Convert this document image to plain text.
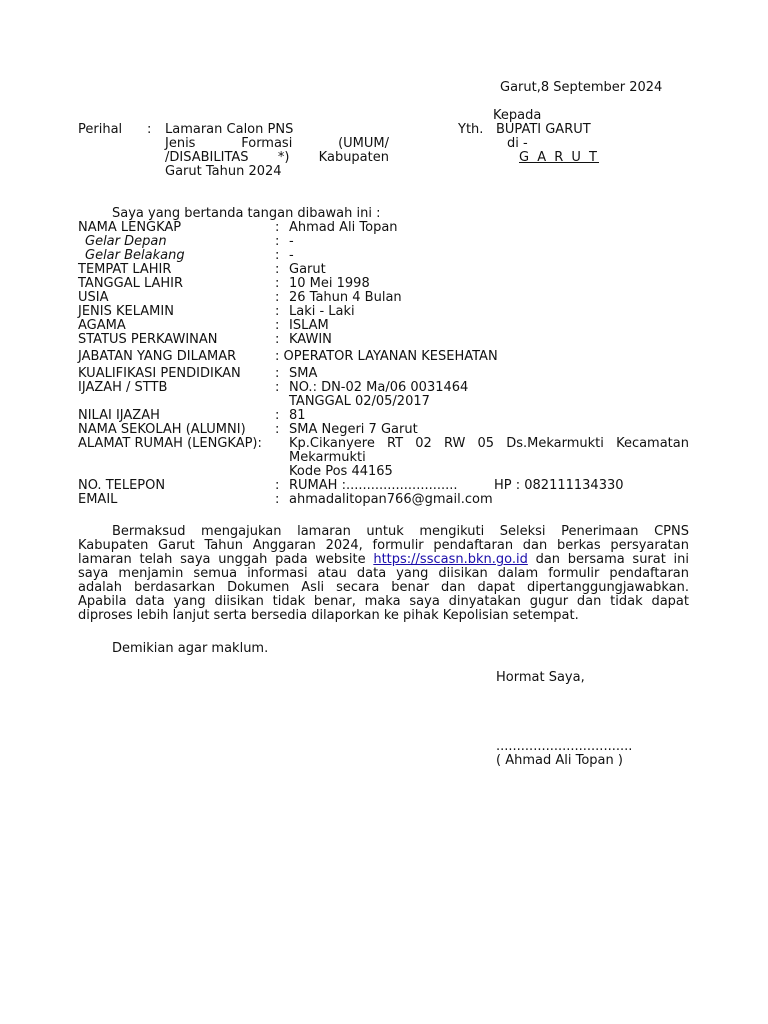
Garut,8 September 2024
Kepada
Yth. BUPATI GARUT
di -
G A R U T
Perihal : Lamaran Calon PNS
Jenis Formasi (UMUM/
/DISABILITAS *) Kabupaten
Garut Tahun 2024
Saya yang bertanda tangan dibawah ini :
NAMA LENGKAP	: Ahmad Ali Topan
Gelar Depan	: -
Gelar Belakang	: -
TEMPAT LAHIR	: Garut
TANGGAL LAHIR	: 10 Mei 1998
USIA	: 26 Tahun 4 Bulan
JENIS KELAMIN	: Laki - Laki
AGAMA	: ISLAM
STATUS PERKAWINAN	: KAWIN
JABATAN YANG DILAMAR	: OPERATOR LAYANAN KESEHATAN
KUALIFIKASI PENDIDIKAN	: SMA
IJAZAH / STTB	: NO.: DN-02 Ma/06 0031464
TANGGAL 02/05/2017
NILAI IJAZAH	: 81
NAMA SEKOLAH (ALUMNI) : SMA Negeri 7 Garut
ALAMAT RUMAH (LENGKAP): Kp.Cikanyere RT 02 RW 05 Ds.Mekarmukti Kecamatan
Mekarmukti
Kode Pos 44165
NO. TELEPON	: RUMAH :...........................	HP : 082111134330
EMAIL	: ahmadalitopan766@gmail.com
Bermaksud mengajukan lamaran untuk mengikuti Seleksi Penerimaan CPNS
Kabupaten Garut Tahun Anggaran 2024, formulir pendaftaran dan berkas persyaratan
lamaran telah saya unggah pada website https://sscasn.bkn.go.id dan bersama surat ini
saya menjamin semua informasi atau data yang diisikan dalam formulir pendaftaran
adalah berdasarkan Dokumen Asli secara benar dan dapat dipertanggungjawabkan.
Apabila data yang diisikan tidak benar, maka saya dinyatakan gugur dan tidak dapat
diproses lebih lanjut serta bersedia dilaporkan ke pihak Kepolisian setempat.
Demikian agar maklum.
Hormat Saya,
.................................
( Ahmad Ali Topan )
